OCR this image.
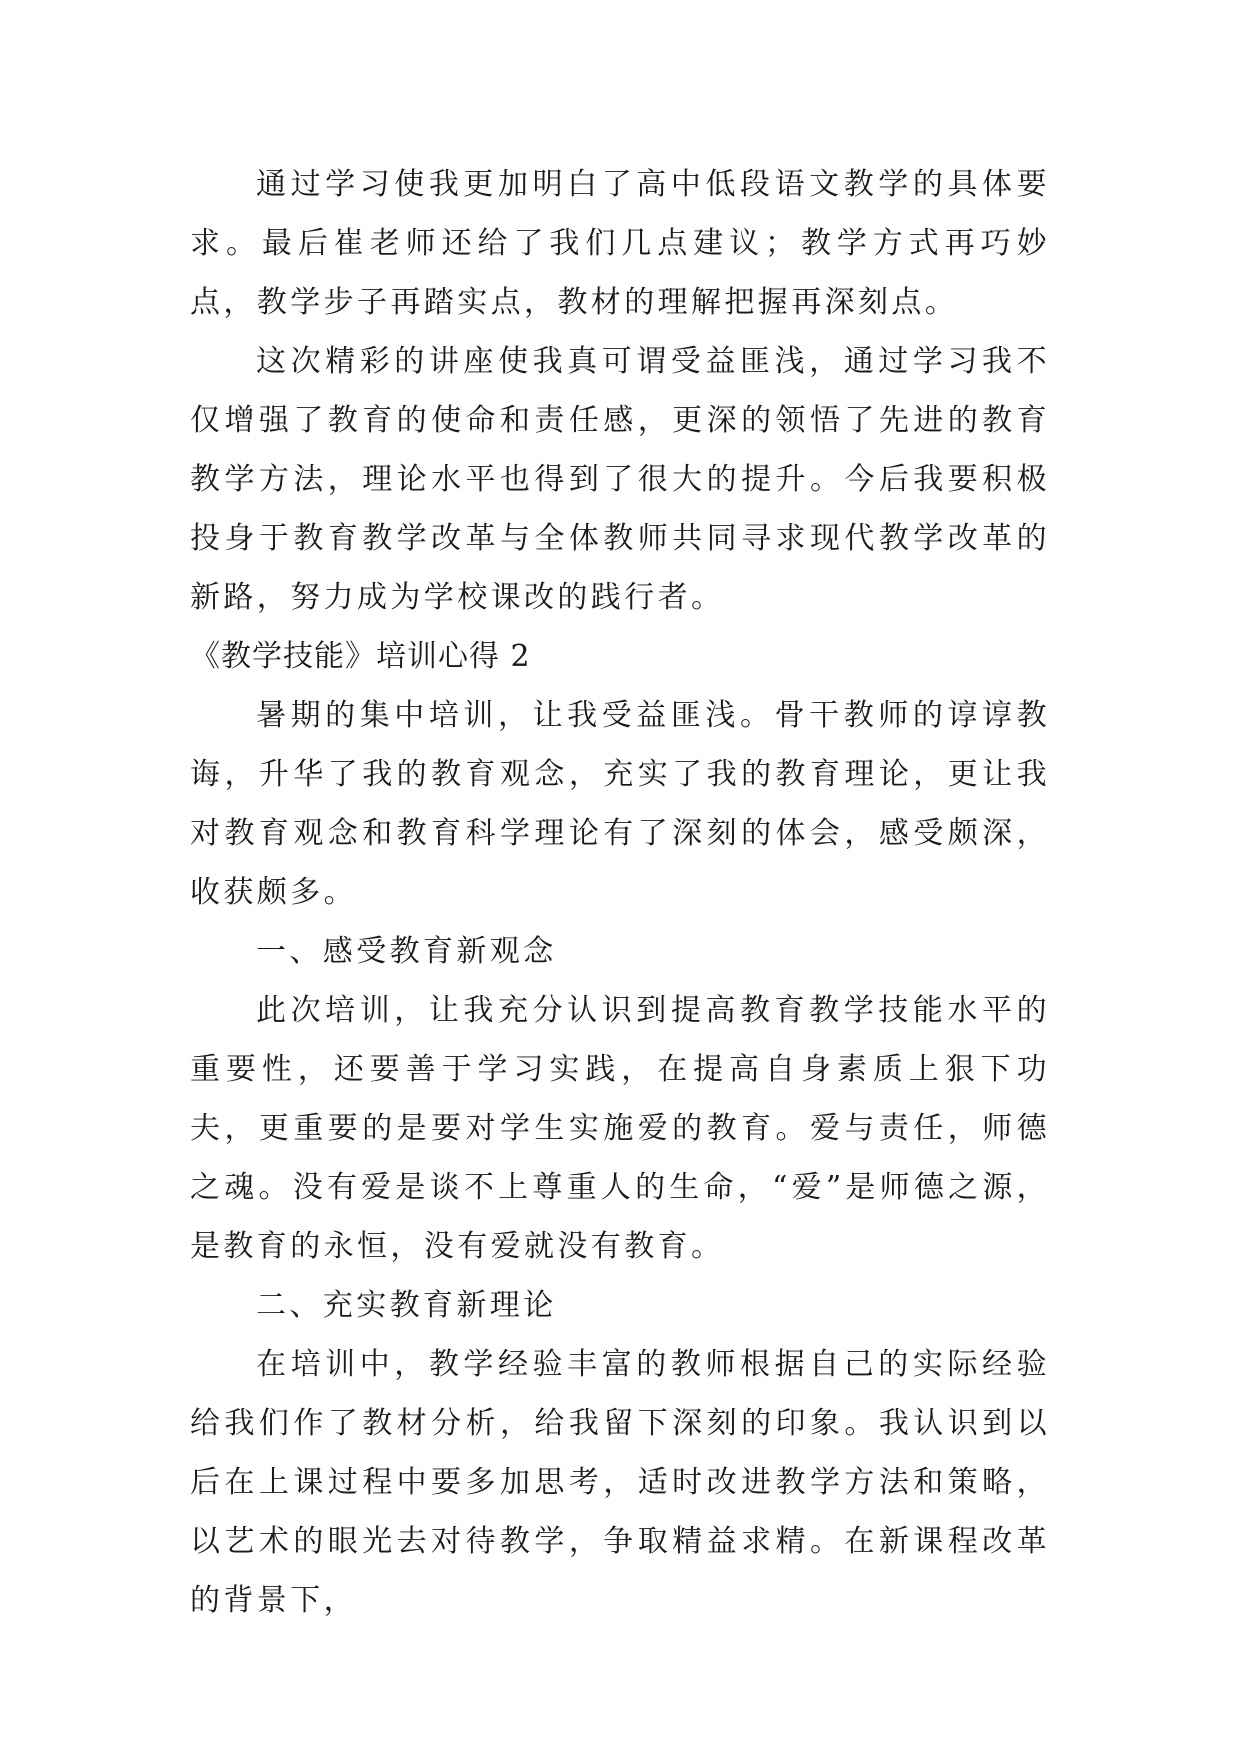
通过学习使我更加明白了高中低段语文教学的具体要求。最后崔老师还给了我们几点建议；教学方式再巧妙点，教学步子再踏实点，教材的理解把握再深刻点。

这次精彩的讲座使我真可谓受益匪浅，通过学习我不仅增强了教育的使命和责任感，更深的领悟了先进的教育教学方法，理论水平也得到了很大的提升。今后我要积极投身于教育教学改革与全体教师共同寻求现代教学改革的新路，努力成为学校课改的践行者。

《教学技能》培训心得 2

暑期的集中培训，让我受益匪浅。骨干教师的谆谆教诲，升华了我的教育观念，充实了我的教育理论，更让我对教育观念和教育科学理论有了深刻的体会，感受颇深，收获颇多。

一、感受教育新观念

此次培训，让我充分认识到提高教育教学技能水平的重要性，还要善于学习实践，在提高自身素质上狠下功夫，更重要的是要对学生实施爱的教育。爱与责任，师德之魂。没有爱是谈不上尊重人的生命，“爱”是师德之源，是教育的永恒，没有爱就没有教育。

二、充实教育新理论

在培训中，教学经验丰富的教师根据自己的实际经验给我们作了教材分析，给我留下深刻的印象。我认识到以后在上课过程中要多加思考，适时改进教学方法和策略，以艺术的眼光去对待教学，争取精益求精。在新课程改革的背景下，
